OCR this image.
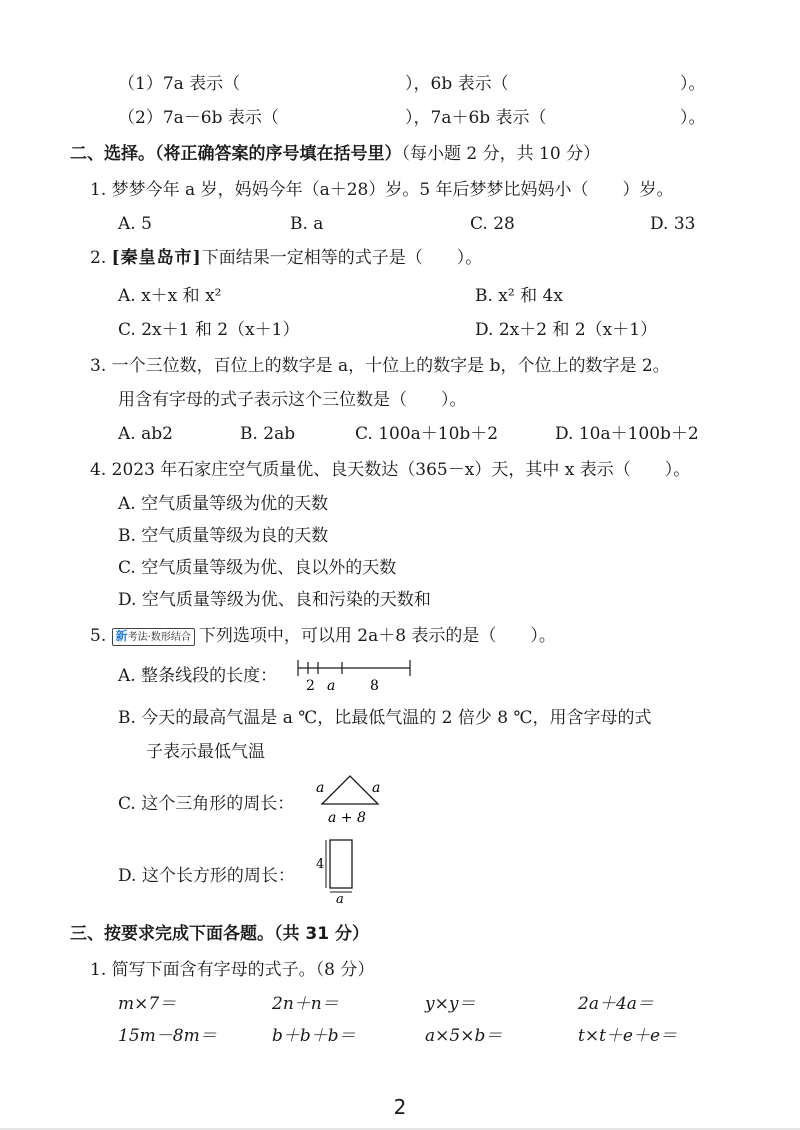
（1）7a 表示（	），6b 表示（	）。
（2）7a－6b 表示（	），7a＋6b 表示（	）。
二、选择。（将正确答案的序号填在括号里）（每小题 2 分，共 10 分）
1. 梦梦今年 a 岁，妈妈今年（a＋28）岁。5 年后梦梦比妈妈小（　　）岁。
A. 5	B. a	C. 28	D. 33
2. [秦皇岛市]下面结果一定相等的式子是（　　）。
A. x＋x 和 x²	B. x² 和 4x
C. 2x＋1 和 2（x＋1）	D. 2x＋2 和 2（x＋1）
3. 一个三位数，百位上的数字是 a，十位上的数字是 b，个位上的数字是 2。
用含有字母的式子表示这个三位数是（　　）。
A. ab2	B. 2ab	C. 100a＋10b＋2	D. 10a＋100b＋2
4. 2023 年石家庄空气质量优、良天数达（365－x）天，其中 x 表示（　　）。
A. 空气质量等级为优的天数
B. 空气质量等级为良的天数
C. 空气质量等级为优、良以外的天数
D. 空气质量等级为优、良和污染的天数和
5. 新考法·数形结合 下列选项中，可以用 2a＋8 表示的是（　　）。
A. 整条线段的长度： 2 a 8
B. 今天的最高气温是 a ℃，比最低气温的 2 倍少 8 ℃，用含字母的式
子表示最低气温
C. 这个三角形的周长：
a	a
a + 8
D. 这个长方形的周长：
4
a
三、按要求完成下面各题。（共 31 分）
1. 简写下面含有字母的式子。（8 分）
m×7＝	2n＋n＝	y×y＝	2a＋4a＝
15m－8m＝	b＋b＋b＝	a×5×b＝	t×t＋e＋e＝
2
